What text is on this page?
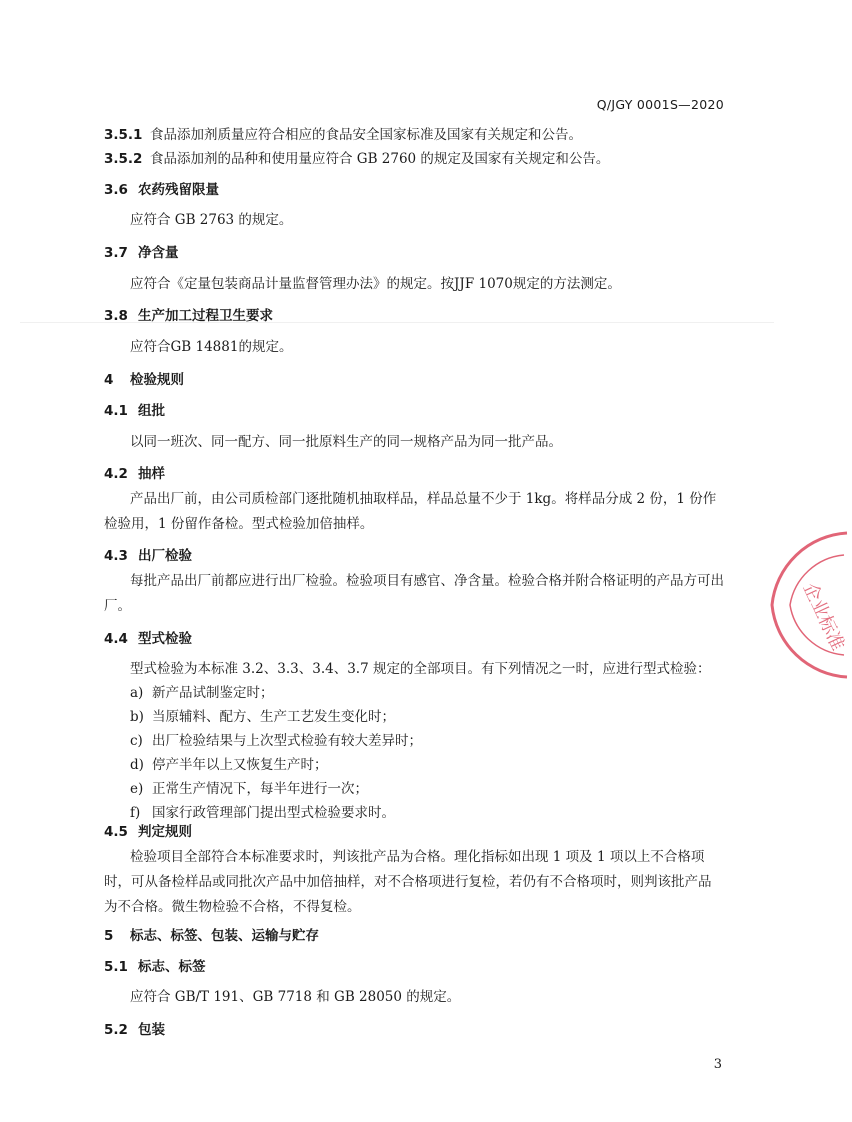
Q/JGY 0001S—2020
3.5.1 食品添加剂质量应符合相应的食品安全国家标准及国家有关规定和公告。
3.5.2 食品添加剂的品种和使用量应符合 GB 2760 的规定及国家有关规定和公告。
3.6 农药残留限量
应符合 GB 2763 的规定。
3.7 净含量
应符合《定量包装商品计量监督管理办法》的规定。按JJF 1070规定的方法测定。
3.8 生产加工过程卫生要求
应符合GB 14881的规定。
4 检验规则
4.1 组批
以同一班次、同一配方、同一批原料生产的同一规格产品为同一批产品。
4.2 抽样
产品出厂前，由公司质检部门逐批随机抽取样品，样品总量不少于 1kg。将样品分成 2 份，1 份作检验用，1 份留作备检。型式检验加倍抽样。
4.3 出厂检验
每批产品出厂前都应进行出厂检验。检验项目有感官、净含量。检验合格并附合格证明的产品方可出厂。
4.4 型式检验
型式检验为本标准 3.2、3.3、3.4、3.7 规定的全部项目。有下列情况之一时，应进行型式检验：
a) 新产品试制鉴定时；
b) 当原辅料、配方、生产工艺发生变化时；
c) 出厂检验结果与上次型式检验有较大差异时；
d) 停产半年以上又恢复生产时；
e) 正常生产情况下，每半年进行一次；
f) 国家行政管理部门提出型式检验要求时。
4.5 判定规则
检验项目全部符合本标准要求时，判该批产品为合格。理化指标如出现 1 项及 1 项以上不合格项时，可从备检样品或同批次产品中加倍抽样，对不合格项进行复检，若仍有不合格项时，则判该批产品为不合格。微生物检验不合格，不得复检。
5 标志、标签、包装、运输与贮存
5.1 标志、标签
应符合 GB/T 191、GB 7718 和 GB 28050 的规定。
5.2 包装
3
企业标准
